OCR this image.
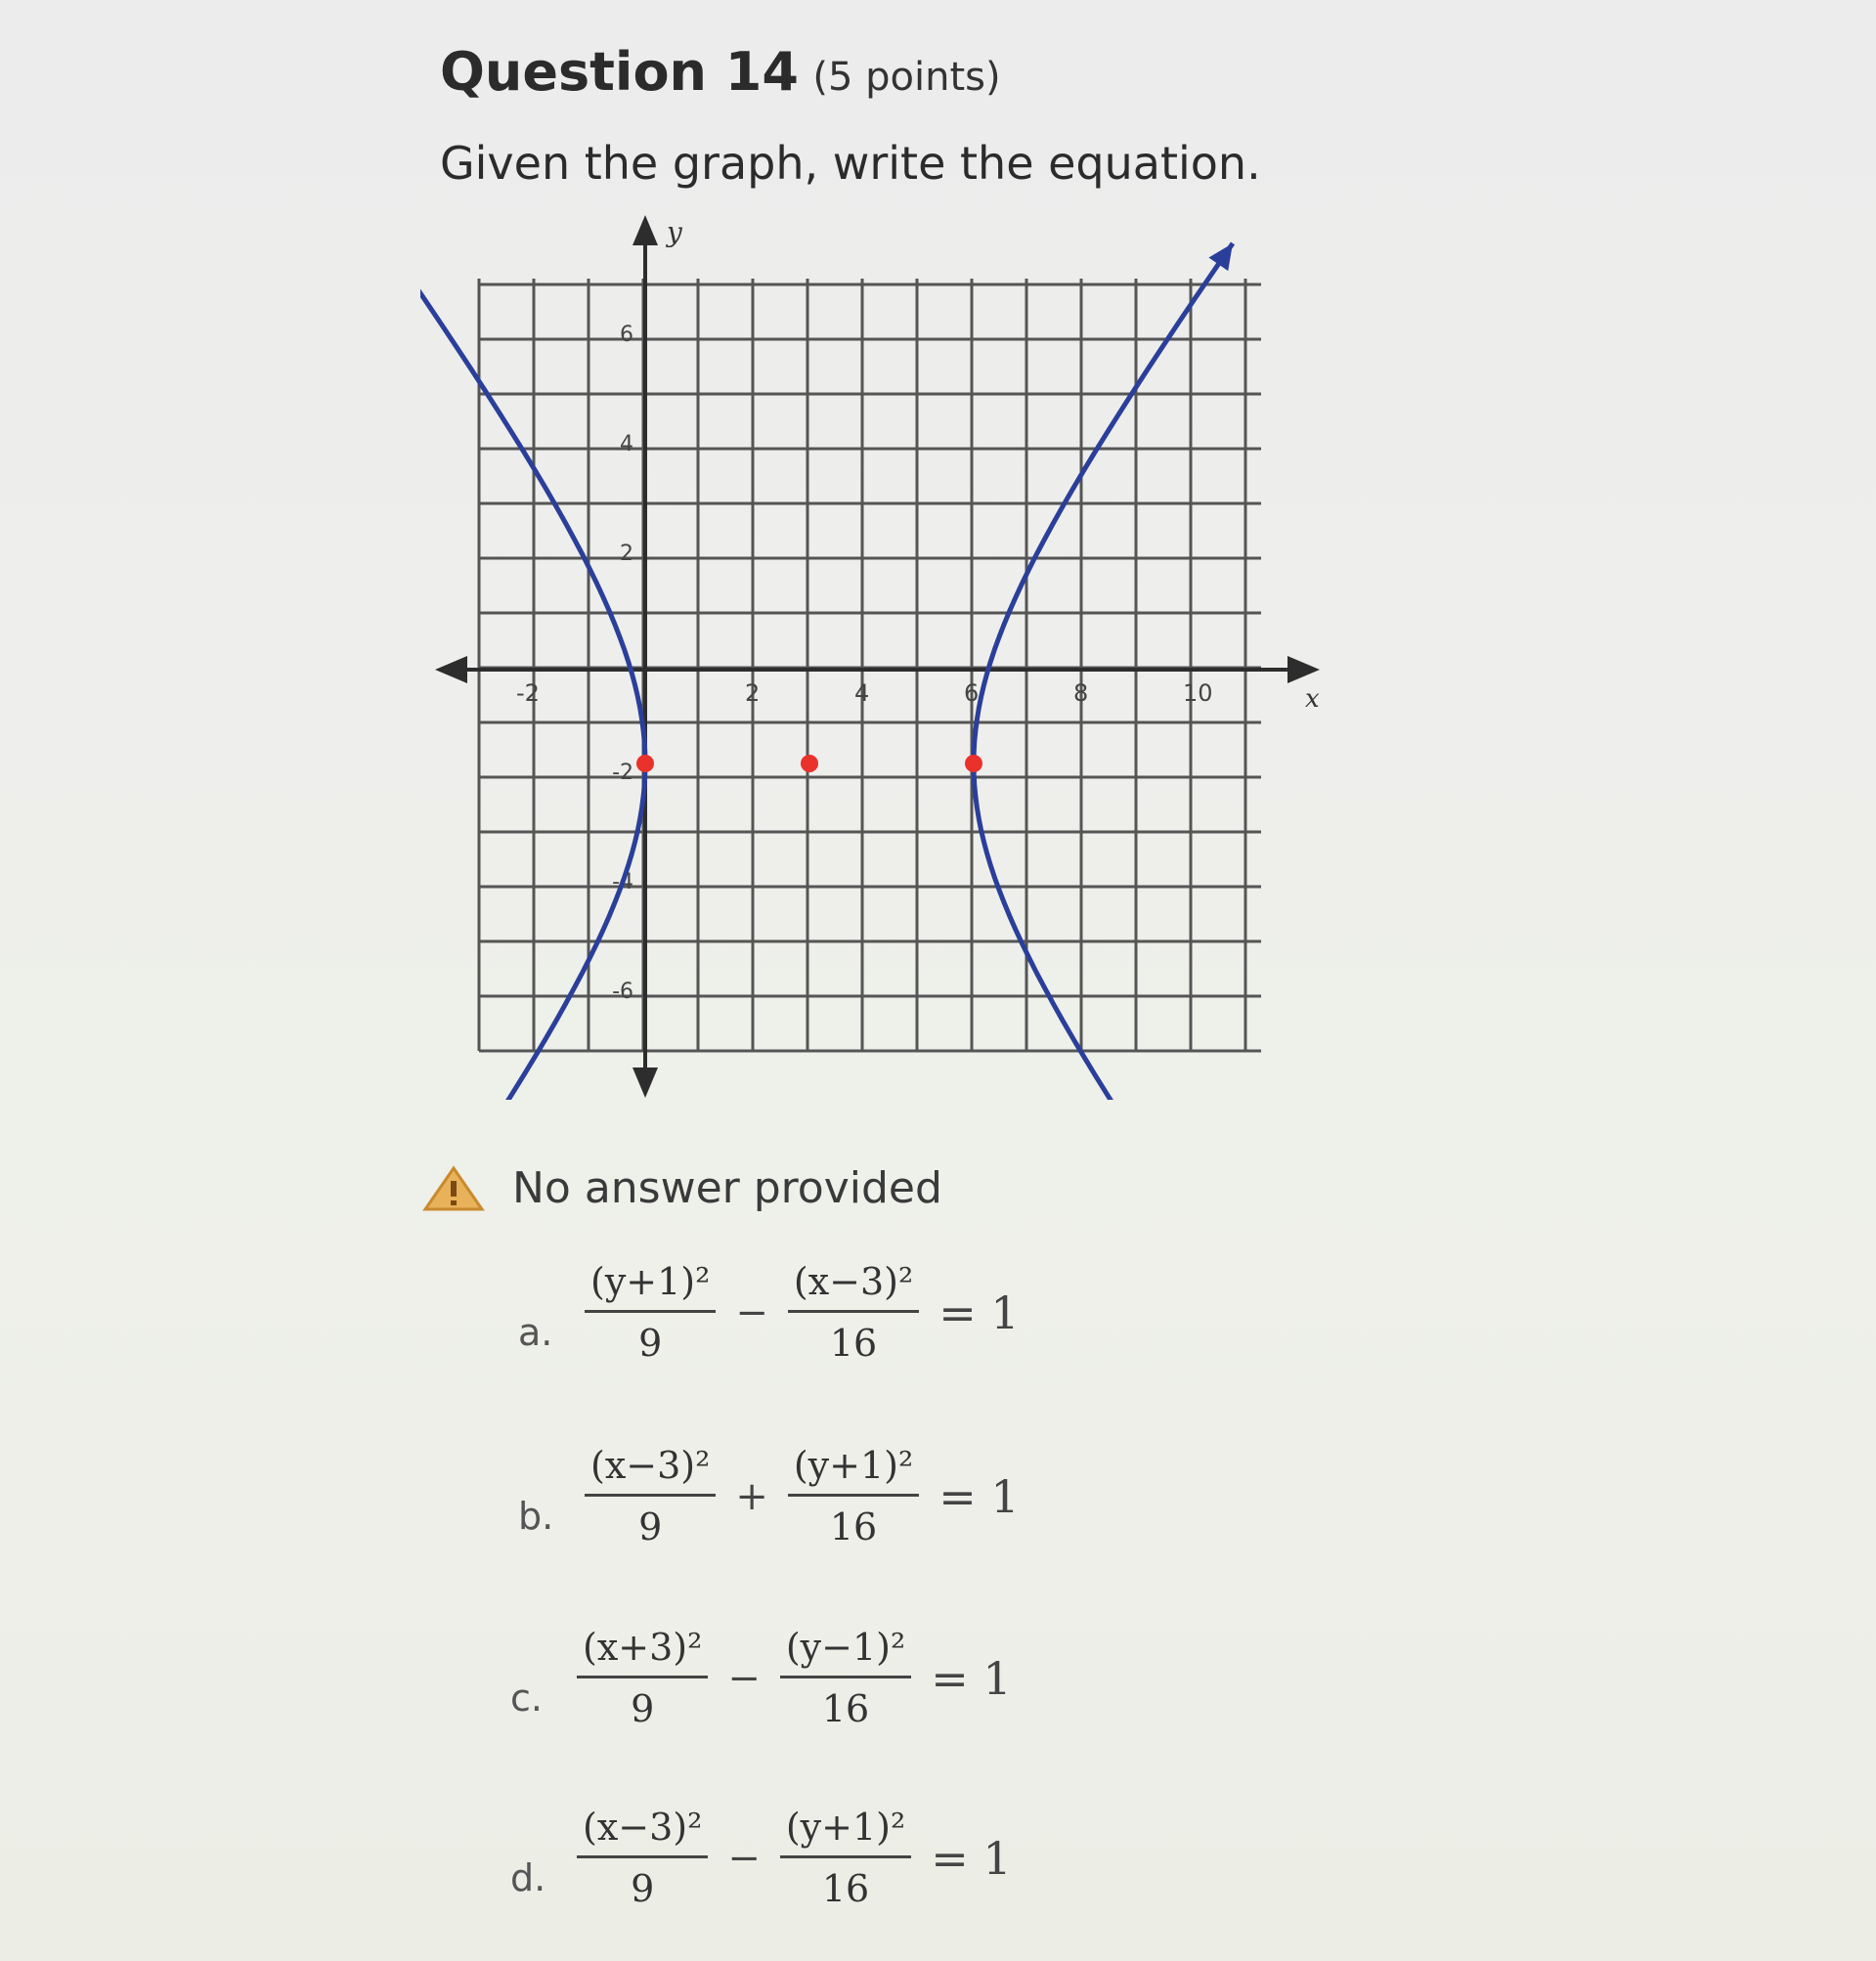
Question 14 (5 points)
Given the graph, write the equation.
x
y
-2	2	4	6	8	10
6
4
2
-2
-4
-6
No answer provided
a. $\frac{\text{(y+1)²}}{9} - \frac{\text{(x−3)²}}{16} = 1$
b. $\frac{\text{(x−3)²}}{9} + \frac{\text{(y+1)²}}{16} = 1$
c. $\frac{\text{(x+3)²}}{9} - \frac{\text{(y−1)²}}{16} = 1$
d. $\frac{\text{(x−3)²}}{9} - \frac{\text{(y+1)²}}{16} = 1$
